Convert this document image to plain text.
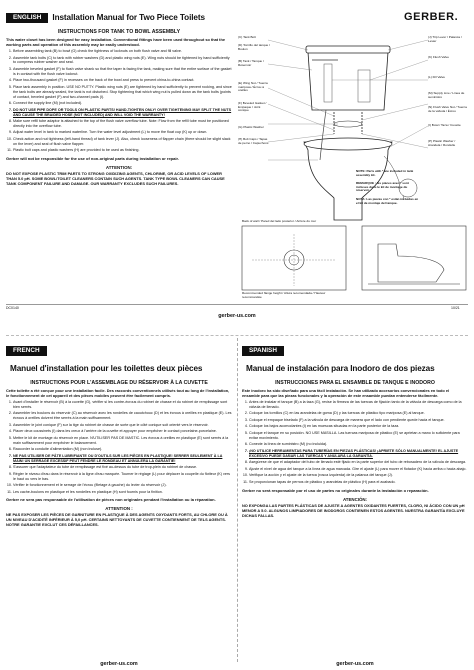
ENGLISH Installation Manual for Two Piece Toilets
INSTRUCTIONS FOR TANK TO BOWL ASSEMBLY
This water closet has been designed for easy installation. Conventional fittings have been used throughout so that the working parts and operation of this assembly may be easily understood.
1. Before assembling tank (B) to bowl (G) check the tightness of locknuts on both flush valve and fill valve.
2. Assemble tank bolts (C) to tank with rubber washers (D) and plastic wing nuts (E). Wing nuts should be tightened by hand sufficiently to compress rubber washer and seal.
3. Assemble beveled gasket (F) to flush valve shank so that the taper is facing the tank, making sure that the entire surface of the gasket is in contact with the flush valve locknut.
4. Place two-thousand gasket (F) in recesses on the back of the bowl and press to prevent china-to-china contact.
5. Place tank assembly in position. USE NO PUTTY. Plastic wing nuts (E) are tightened by hand sufficiently to prevent rocking, and since the tank bolts are already sealed, the tank is not disturbed. Stop tightening that which wing nut is pulled down as the tank bolts (points of contact, beveled gasket (F) and two-channel pads (I).
6. Connect the supply line (M) (not included).
7. DO NOT USE PIPE DOPE OR TOOLS ON PLASTIC PARTS! HAND-TIGHTEN ONLY! OVER TIGHTENING MAY SPLIT THE NUTS AND CAUSE THE BRAIDED HOSE (NOT INCLUDED) AND WILL VOID THE WARRANTY!
8. Make sure refill tube adaptor is attached to the top of the flush valve overflow tube. Note: Flow from the refill tube must be positioned directly into the overflow tube.
9. Adjust water level in tank to marked waterline. Turn the water level adjustment (L) to move the float cup (K) up or down.
10. Check action and nut tightness (left-hand thread) of tank lever (J). Also, check looseness of flapper chain (there should be slight slack on the lever) and seal of flush valve flapper.
11. Plastic bolt caps and plastic washers (H) are provided to be used as finishing.
Gerber will not be responsible for the use of non-original parts during installation or repair.
ATTENTION:
DO NOT EXPOSE PLASTIC TRIM PARTS TO STRONG OXIDIZING AGENTS, CHLORINE, OR ACID LEVELS OF LOWER THAN 5.0 pH. SOME BOWL/TOILET CLEANERS CONTAIN SUCH AGENTS. TANK TYPE BOWL CLEANERS CAN CAUSE TANK COMPONENT FAILURE AND DAMAGE. OUR WARRANTY EXCLUDES SUCH FAILURES.
DC0140
gerber-us.com
10/21
GERBER.
(C) Tank Bolt
(D) Tornillo del tanque / Boulon
(B) Tank / Tanque / Réservoir
(E) Wing Nut / Tuerca mariposa / Écrou à oreilles
(F) Beveled Gasket / Empaque / Joint conique
(G) Plastic Washer
(H) Bolt Caps / Tapas de perno / Capuchons
(J) Trip Lever / Palanca / Levier
(K) Flush Valve
(L) Fill Valve
(M) Supply Line / Línea de suministro
(N) Flush Valve Nut / Tuerca de la válvula / Écrou
(I) Bowl / Taza / Cuvette
(P) Plastic Washer / Arandela / Rondelle
NOTE: Parts with * are included in tank assembly kit.
REMARQUE : les pièces avec * sont incluses dans le kit de montage du réservoir.
NOTA: Las piezas con * están incluidas en el kit de montaje del tanque.
Back of wall / Pared del lado posterior / Arrière du mur
Recommended flange height / Altura recomendada / Hauteur recommandée
FRENCHManuel d'installation pour les toilettes deux pièces
INSTRUCTIONS POUR L'ASSEMBLAGE DU RÉSERVOIR À LA CUVETTE
Cette toilette a été conçue pour une installation facile. Des raccords conventionnels utilisés tout au long de l'installation, le fonctionnement de cet appareil et des pièces mobiles peuvent être facilement compris.
1. Avant d'installer le réservoir (B) à la cuvette (G), vérifier si les contre-écrous du robinet de chasse et du robinet de remplissage sont bien serrés.
2. Assembler les boulons du réservoir (C) au réservoir avec les rondelles de caoutchouc (D) et les écrous à oreilles en plastique (E). Les écrous à oreilles doivent être serrés à la main suffisamment.
3. Assembler le joint conique (F) sur la tige du robinet de chasse de sorte que le côté conique soit orienté vers le réservoir.
4. Placer deux coussinets (I) dans les creux à l'arrière de la cuvette et appuyer pour empêcher le contact porcelaine-porcelaine.
5. Mettre le kit de montage du réservoir en place. N'UTILISER PAS DE MASTIC. Les écrous à oreilles en plastique (E) sont serrés à la main suffisamment pour empêcher le balancement.
6. Raccorder la conduite d'alimentation (M) (non incluse).
7. NE PAS UTILISER DE PÂTE LUBRIFIANTE OU D'OUTILS SUR LES PIÈCES EN PLASTIQUE! SERRER SEULEMENT À LA MAIN! UN SERRAGE EXCESSIF PEUT FENDRE LE RONDEAU ET ANNULERA LA GARANTIE!
8. S'assurer que l'adaptateur du tube de remplissage est fixé au-dessus du tube de trop-plein du robinet de chasse.
9. Régler le niveau d'eau dans le réservoir à la ligne d'eau marquée. Tourner le réglage (L) pour déplacer la coupelle du flotteur (K) vers le haut ou vers le bas.
10. Vérifier le fonctionnement et le serrage de l'écrou (filetage à gauche) du levier du réservoir (J).
11. Les cache-boulons en plastique et les rondelles en plastique (H) sont fournis pour la finition.
Gerber ne sera pas responsable de l'utilisation de pièces non originales pendant l'installation ou la réparation.
ATTENTION :
NE PAS EXPOSER LES PIÈCES DE GARNITURE EN PLASTIQUE À DES AGENTS OXYDANTS FORTS, AU CHLORE OU À UN NIVEAU D'ACIDITÉ INFÉRIEUR À 5,0 pH. CERTAINS NETTOYANTS DE CUVETTE CONTIENNENT DE TELS AGENTS. NOTRE GARANTIE EXCLUT CES DÉFAILLANCES.
SPANISHManual de instalación para Inodoro de dos piezas
INSTRUCCIONES PARA EL ENSAMBLE DE TANQUE E INODORO
Este inodoro ha sido diseñado para una fácil instalación. Se han utilizado accesorios convencionales en todo el ensamble para que las piezas funcionales y la operación de este ensamble puedan entenderse fácilmente.
1. Antes de instalar el tanque (B) a la taza (G), revise la firmeza de las tuercas de fijación tanto de la válvula de descarga como de la válvula de llenado.
2. Coloque los tornillos (C) en las arandelas de goma (D) y las tuercas de plástico tipo mariposa (E) al tanque.
3. Coloque el empaque biselado (F) a la válvula de descarga de manera que el lado con pendiente quede hacia el tanque.
4. Coloque los bajos acomodantes (I) en las muescas situadas en la parte posterior de la taza.
5. Coloque el tanque en su posición. NO USE MASILLA. Las tuercas mariposa de plástico (E) se aprietan a mano lo suficiente para evitar movimiento.
6. Conecte la línea de suministro (M) (no incluida).
7. ¡NO UTILICE HERRAMIENTAS PARA TUBERÍAS EN PIEZAS PLÁSTICAS! ¡APRIETE SÓLO MANUALMENTE! EL AJUSTE EXCESIVO PUEDE DAÑAR LAS TUERCAS Y ANULARÁ LA GARANTÍA.
8. Asegúrese de que el adaptador del tubo de llenado esté fijado en la parte superior del tubo de rebosadero de la válvula de descarga.
9. Ajuste el nivel de agua del tanque a la línea de agua marcada. Gire el ajuste (L) para mover el flotador (K) hacia arriba o hacia abajo.
10. Verifique la acción y el ajuste de la tuerca (rosca izquierda) de la palanca del tanque (J).
11. Se proporcionan tapas de pernos de plástico y arandelas de plástico (H) para el acabado.
Gerber no será responsable por el uso de partes no originales durante la instalación o reparación.
ATENCIÓN:
NO EXPONGA LAS PARTES PLÁSTICAS DE AJUSTE A AGENTES OXIDANTES FUERTES, CLORO, NI ÁCIDO CON UN pH MENOR A 5.0. ALGUNOS LIMPIADORES DE INODOROS CONTIENEN ESTOS AGENTES. NUESTRA GARANTÍA EXCLUYE DICHAS FALLAS.
gerber-us.com	gerber-us.com
